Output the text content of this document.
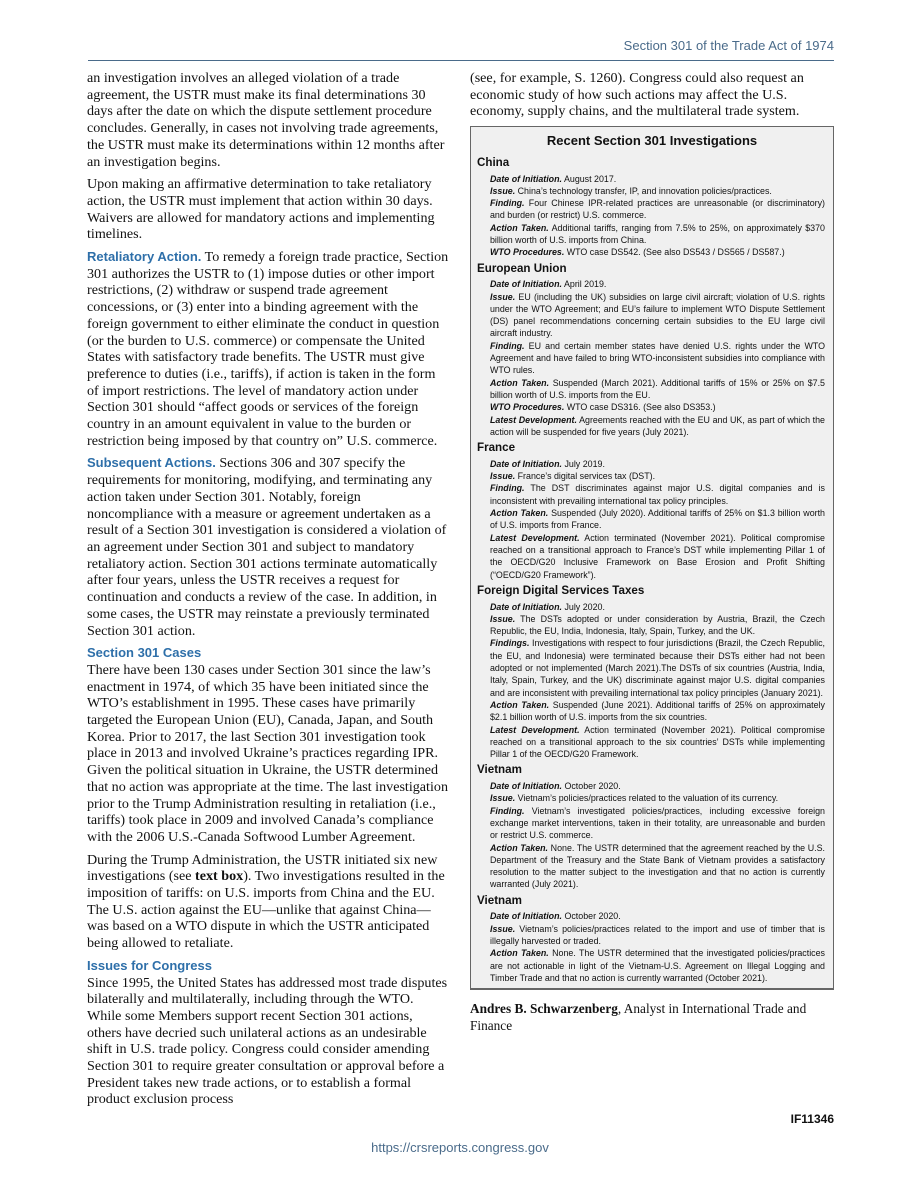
Section 301 of the Trade Act of 1974

an investigation involves an alleged violation of a trade agreement, the USTR must make its final determinations 30 days after the date on which the dispute settlement procedure concludes. Generally, in cases not involving trade agreements, the USTR must make its determinations within 12 months after an investigation begins.

Upon making an affirmative determination to take retaliatory action, the USTR must implement that action within 30 days. Waivers are allowed for mandatory actions and implementing timelines.

Retaliatory Action. To remedy a foreign trade practice, Section 301 authorizes the USTR to (1) impose duties or other import restrictions, (2) withdraw or suspend trade agreement concessions, or (3) enter into a binding agreement with the foreign government to either eliminate the conduct in question (or the burden to U.S. commerce) or compensate the United States with satisfactory trade benefits. The USTR must give preference to duties (i.e., tariffs), if action is taken in the form of import restrictions. The level of mandatory action under Section 301 should “affect goods or services of the foreign country in an amount equivalent in value to the burden or restriction being imposed by that country on” U.S. commerce.

Subsequent Actions. Sections 306 and 307 specify the requirements for monitoring, modifying, and terminating any action taken under Section 301. Notably, foreign noncompliance with a measure or agreement undertaken as a result of a Section 301 investigation is considered a violation of an agreement under Section 301 and subject to mandatory retaliatory action. Section 301 actions terminate automatically after four years, unless the USTR receives a request for continuation and conducts a review of the case. In addition, in some cases, the USTR may reinstate a previously terminated Section 301 action.

Section 301 Cases
There have been 130 cases under Section 301 since the law’s enactment in 1974, of which 35 have been initiated since the WTO’s establishment in 1995. These cases have primarily targeted the European Union (EU), Canada, Japan, and South Korea. Prior to 2017, the last Section 301 investigation took place in 2013 and involved Ukraine’s practices regarding IPR. Given the political situation in Ukraine, the USTR determined that no action was appropriate at the time. The last investigation prior to the Trump Administration resulting in retaliation (i.e., tariffs) took place in 2009 and involved Canada’s compliance with the 2006 U.S.-Canada Softwood Lumber Agreement.

During the Trump Administration, the USTR initiated six new investigations (see text box). Two investigations resulted in the imposition of tariffs: on U.S. imports from China and the EU. The U.S. action against the EU—unlike that against China—was based on a WTO dispute in which the USTR anticipated being allowed to retaliate.

Issues for Congress
Since 1995, the United States has addressed most trade disputes bilaterally and multilaterally, including through the WTO. While some Members support recent Section 301 actions, others have decried such unilateral actions as an undesirable shift in U.S. trade policy. Congress could consider amending Section 301 to require greater consultation or approval before a President takes new trade actions, or to establish a formal product exclusion process

(see, for example, S. 1260). Congress could also request an economic study of how such actions may affect the U.S. economy, supply chains, and the multilateral trade system.

Recent Section 301 Investigations
China
Date of Initiation. August 2017.
Issue. China’s technology transfer, IP, and innovation policies/practices.
Finding. Four Chinese IPR-related practices are unreasonable (or discriminatory) and burden (or restrict) U.S. commerce.
Action Taken. Additional tariffs, ranging from 7.5% to 25%, on approximately $370 billion worth of U.S. imports from China.
WTO Procedures. WTO case DS542. (See also DS543 / DS565 / DS587.)
European Union
Date of Initiation. April 2019.
Issue. EU (including the UK) subsidies on large civil aircraft; violation of U.S. rights under the WTO Agreement; and EU’s failure to implement WTO Dispute Settlement (DS) panel recommendations concerning certain subsidies to the EU large civil aircraft industry.
Finding. EU and certain member states have denied U.S. rights under the WTO Agreement and have failed to bring WTO-inconsistent subsidies into compliance with WTO rules.
Action Taken. Suspended (March 2021). Additional tariffs of 15% or 25% on $7.5 billion worth of U.S. imports from the EU.
WTO Procedures. WTO case DS316. (See also DS353.)
Latest Development. Agreements reached with the EU and UK, as part of which the action will be suspended for five years (July 2021).
France
Date of Initiation. July 2019.
Issue. France’s digital services tax (DST).
Finding. The DST discriminates against major U.S. digital companies and is inconsistent with prevailing international tax policy principles.
Action Taken. Suspended (July 2020). Additional tariffs of 25% on $1.3 billion worth of U.S. imports from France.
Latest Development. Action terminated (November 2021). Political compromise reached on a transitional approach to France’s DST while implementing Pillar 1 of the OECD/G20 Inclusive Framework on Base Erosion and Profit Shifting (“OECD/G20 Framework”).
Foreign Digital Services Taxes
Date of Initiation. July 2020.
Issue. The DSTs adopted or under consideration by Austria, Brazil, the Czech Republic, the EU, India, Indonesia, Italy, Spain, Turkey, and the UK.
Findings. Investigations with respect to four jurisdictions (Brazil, the Czech Republic, the EU, and Indonesia) were terminated because their DSTs either had not been adopted or not implemented (March 2021).The DSTs of six countries (Austria, India, Italy, Spain, Turkey, and the UK) discriminate against major U.S. digital companies and are inconsistent with prevailing international tax policy principles (January 2021).
Action Taken. Suspended (June 2021). Additional tariffs of 25% on approximately $2.1 billion worth of U.S. imports from the six countries.
Latest Development. Action terminated (November 2021). Political compromise reached on a transitional approach to the six countries’ DSTs while implementing Pillar 1 of the OECD/G20 Framework.
Vietnam
Date of Initiation. October 2020.
Issue. Vietnam’s policies/practices related to the valuation of its currency.
Finding. Vietnam’s investigated policies/practices, including excessive foreign exchange market interventions, taken in their totality, are unreasonable and burden or restrict U.S. commerce.
Action Taken. None. The USTR determined that the agreement reached by the U.S. Department of the Treasury and the State Bank of Vietnam provides a satisfactory resolution to the matter subject to the investigation and that no action is currently warranted (July 2021).
Vietnam
Date of Initiation. October 2020.
Issue. Vietnam’s policies/practices related to the import and use of timber that is illegally harvested or traded.
Action Taken. None. The USTR determined that the investigated policies/practices are not actionable in light of the Vietnam-U.S. Agreement on Illegal Logging and Timber Trade and that no action is currently warranted (October 2021).
Andres B. Schwarzenberg, Analyst in International Trade and Finance
IF11346
https://crsreports.congress.gov
